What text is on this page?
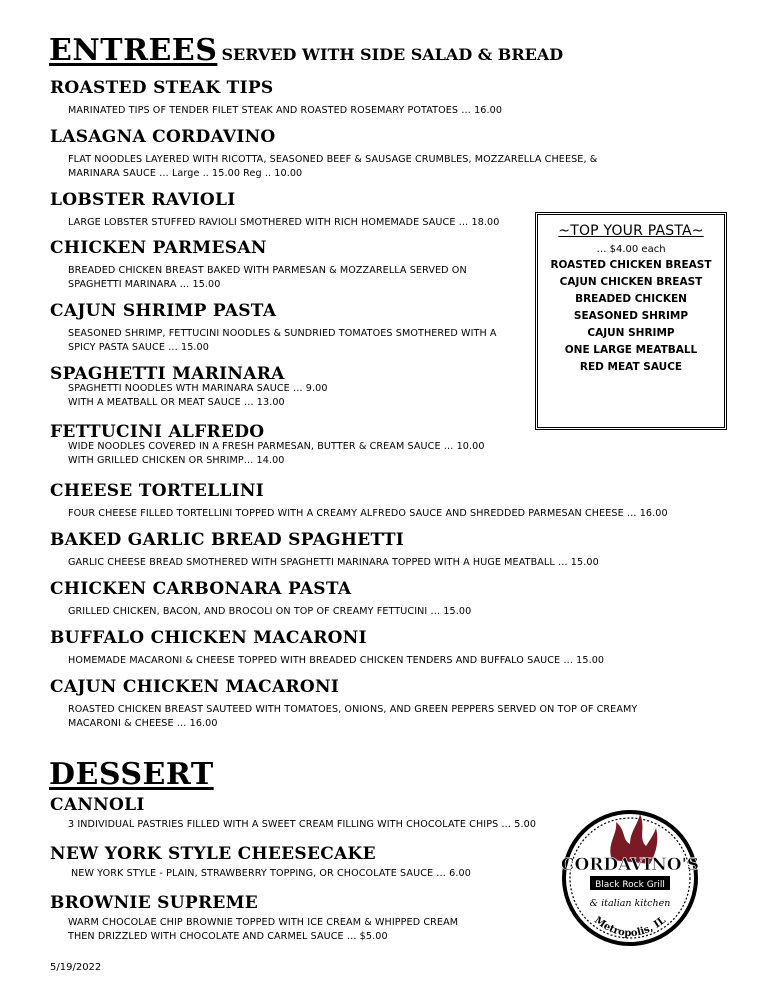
ENTREES SERVED WITH SIDE SALAD & BREAD
ROASTED STEAK TIPS
MARINATED TIPS OF TENDER FILET STEAK AND ROASTED ROSEMARY POTATOES … 16.00
LASAGNA CORDAVINO
FLAT NOODLES LAYERED WITH RICOTTA, SEASONED BEEF & SAUSAGE CRUMBLES, MOZZARELLA CHEESE, &
MARINARA SAUCE … Large .. 15.00 Reg .. 10.00
LOBSTER RAVIOLI
LARGE LOBSTER STUFFED RAVIOLI SMOTHERED WITH RICH HOMEMADE SAUCE … 18.00
CHICKEN PARMESAN
BREADED CHICKEN BREAST BAKED WITH PARMESAN & MOZZARELLA SERVED ON
SPAGHETTI MARINARA … 15.00
CAJUN SHRIMP PASTA
SEASONED SHRIMP, FETTUCINI NOODLES & SUNDRIED TOMATOES SMOTHERED WITH A
SPICY PASTA SAUCE … 15.00
SPAGHETTI MARINARA
SPAGHETTI NOODLES WTH MARINARA SAUCE … 9.00
WITH A MEATBALL OR MEAT SAUCE … 13.00
FETTUCINI ALFREDO
WIDE NOODLES COVERED IN A FRESH PARMESAN, BUTTER & CREAM SAUCE … 10.00
WITH GRILLED CHICKEN OR SHRIMP… 14.00
CHEESE TORTELLINI
FOUR CHEESE FILLED TORTELLINI TOPPED WITH A CREAMY ALFREDO SAUCE AND SHREDDED PARMESAN CHEESE … 16.00
BAKED GARLIC BREAD SPAGHETTI
GARLIC CHEESE BREAD SMOTHERED WITH SPAGHETTI MARINARA TOPPED WITH A HUGE MEATBALL … 15.00
CHICKEN CARBONARA PASTA
GRILLED CHICKEN, BACON, AND BROCOLI ON TOP OF CREAMY FETTUCINI … 15.00
BUFFALO CHICKEN MACARONI
HOMEMADE MACARONI & CHEESE TOPPED WITH BREADED CHICKEN TENDERS AND BUFFALO SAUCE … 15.00
CAJUN CHICKEN MACARONI
ROASTED CHICKEN BREAST SAUTEED WITH TOMATOES, ONIONS, AND GREEN PEPPERS SERVED ON TOP OF CREAMY
MACARONI & CHEESE … 16.00
~TOP YOUR PASTA~
… $4.00 each
ROASTED CHICKEN BREAST
CAJUN CHICKEN BREAST
BREADED CHICKEN
SEASONED SHRIMP
CAJUN SHRIMP
ONE LARGE MEATBALL
RED MEAT SAUCE
DESSERT
CANNOLI
3 INDIVIDUAL PASTRIES FILLED WITH A SWEET CREAM FILLING WITH CHOCOLATE CHIPS … 5.00
NEW YORK STYLE CHEESECAKE
NEW YORK STYLE - PLAIN, STRAWBERRY TOPPING, OR CHOCOLATE SAUCE … 6.00
BROWNIE SUPREME
WARM CHOCOLAE CHIP BROWNIE TOPPED WITH ICE CREAM & WHIPPED CREAM
THEN DRIZZLED WITH CHOCOLATE AND CARMEL SAUCE … $5.00
CORDAVINO'S
Black Rock Grill
& italian kitchen
Metropolis, IL
5/19/2022
